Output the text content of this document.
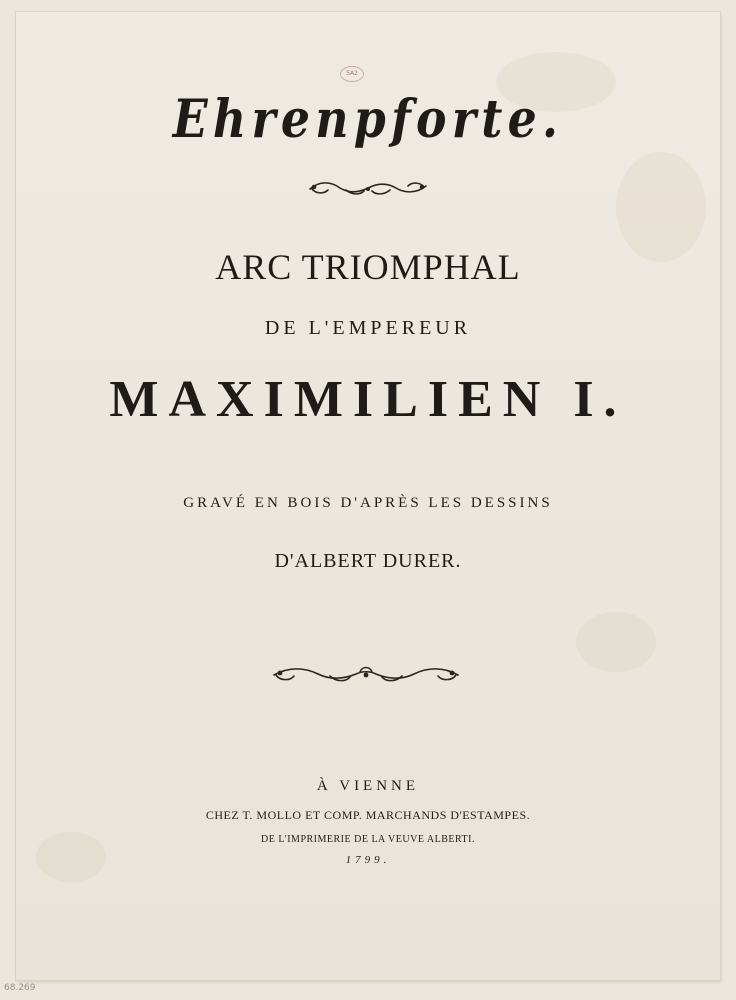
5A2
Ehrenpforte.
ARC TRIOMPHAL
DE L'EMPEREUR
MAXIMILIEN I.
GRAVÉ EN BOIS D'APRÈS LES DESSINS
D'ALBERT DURER.
À VIENNE
CHEZ T. MOLLO ET COMP. MARCHANDS D'ESTAMPES.
DE L'IMPRIMERIE DE LA VEUVE ALBERTI.
1799.
68.269
